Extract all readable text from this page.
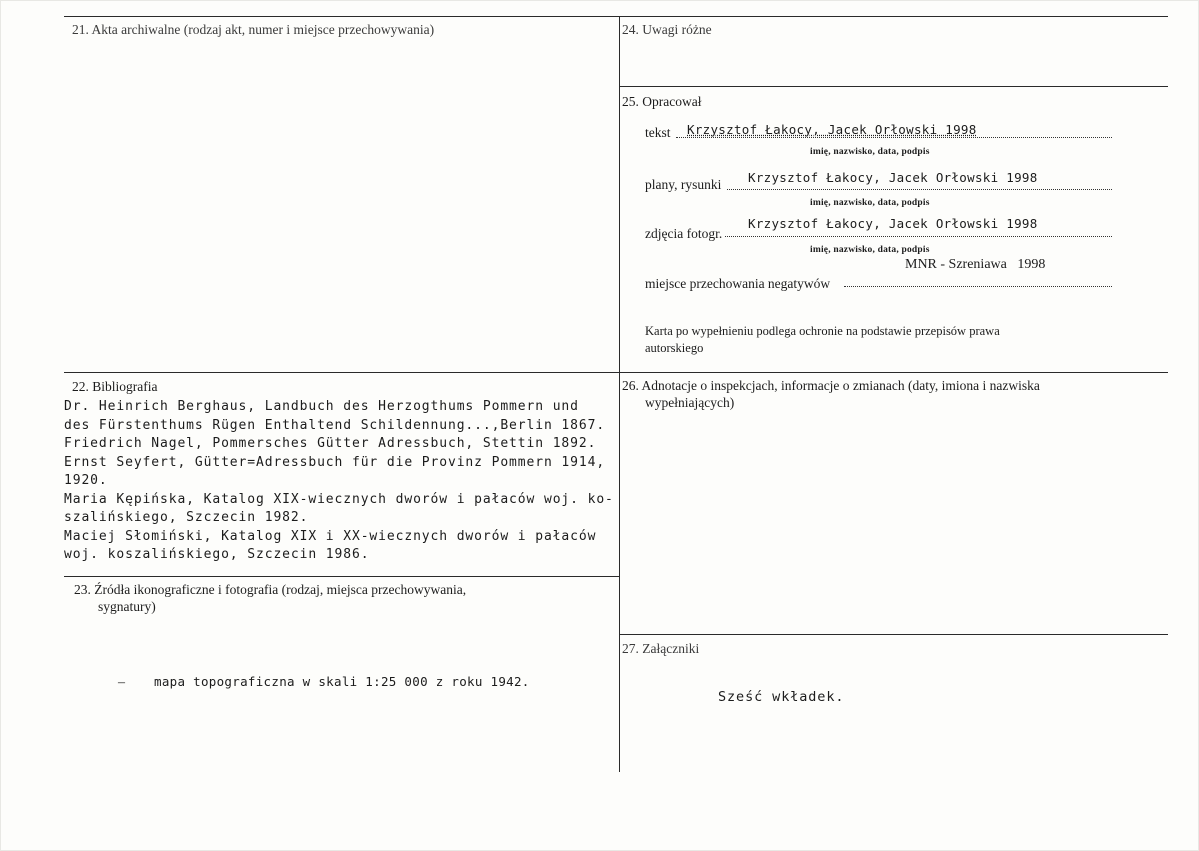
21. Akta archiwalne (rodzaj akt, numer i miejsce przechowywania)
22. Bibliografia
Dr. Heinrich Berghaus, Landbuch des Herzogthums Pommern und
des Fürstenthums Rügen Enthaltend Schildennung...,Berlin 1867.
Friedrich Nagel, Pommersches Gütter Adressbuch, Stettin 1892.
Ernst Seyfert, Gütter=Adressbuch für die Provinz Pommern 1914,
1920.
Maria Kępińska, Katalog XIX-wiecznych dworów i pałaców woj. ko-
szalińskiego, Szczecin 1982.
Maciej Słomiński, Katalog XIX i XX-wiecznych dworów i pałaców
woj. koszalińskiego, Szczecin 1986.
23. Źródła ikonograficzne i fotografia (rodzaj, miejsca przechowywania,
sygnatury)
– mapa topograficzna w skali 1:25 000 z roku 1942.
24. Uwagi różne
25. Opracował
tekst Krzysztof Łakocy, Jacek Orłowski 1998
imię, nazwisko, data, podpis
plany, rysunki Krzysztof Łakocy, Jacek Orłowski 1998
imię, nazwisko, data, podpis
zdjęcia fotogr.
Krzysztof Łakocy, Jacek Orłowski 1998
imię, nazwisko, data, podpis
MNR - Szreniawa   1998
miejsce przechowania negatywów
Karta po wypełnieniu podlega ochronie na podstawie przepisów prawa
autorskiego
26. Adnotacje o inspekcjach, informacje o zmianach (daty, imiona i nazwiska
wypełniających)
27. Załączniki
Sześć wkładek.
